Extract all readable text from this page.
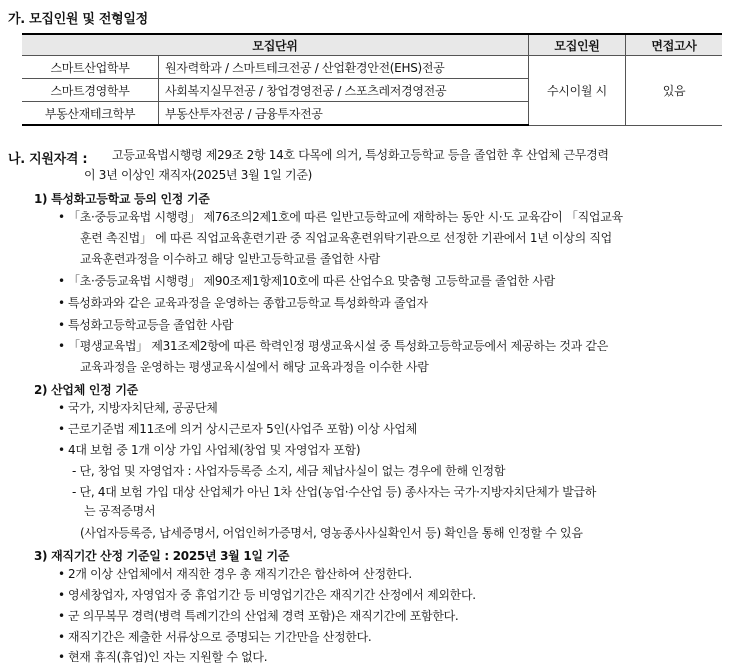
가. 모집인원 및 전형일정
모집단위		모집인원	면접고사
스마트산업학부	원자력학과 / 스마트테크전공 / 산업환경안전(EHS)전공	수시이월 시	있음
스마트경영학부	사회복지실무전공 / 창업경영전공 / 스포츠레저경영전공		
부동산재테크학부	부동산투자전공 / 금융투자전공		
나. 지원자격 : 고등교육법시행령 제29조 2항 14호 다목에 의거, 특성화고등학교 등을 졸업한 후 산업체 근무경력
이 3년 이상인 재직자(2025년 3월 1일 기준)
1) 특성화고등학교 등의 인정 기준
• 「초·중등교육법 시행령」 제76조의2제1호에 따른 일반고등학교에 재학하는 동안 시·도 교육감이 「직업교육
훈련 촉진법」 에 따른 직업교육훈련기관 중 직업교육훈련위탁기관으로 선정한 기관에서 1년 이상의 직업
교육훈련과정을 이수하고 해당 일반고등학교를 졸업한 사람
• 「초·중등교육법 시행령」 제90조제1항제10호에 따른 산업수요 맞춤형 고등학교를 졸업한 사람
• 특성화과와 같은 교육과정을 운영하는 종합고등학교 특성화학과 졸업자
• 특성화고등학교등을 졸업한 사람
• 「평생교육법」 제31조제2항에 따른 학력인정 평생교육시설 중 특성화고등학교등에서 제공하는 것과 같은
교육과정을 운영하는 평생교육시설에서 해당 교육과정을 이수한 사람
2) 산업체 인정 기준
• 국가, 지방자치단체, 공공단체
• 근로기준법 제11조에 의거 상시근로자 5인(사업주 포함) 이상 사업체
• 4대 보험 중 1개 이상 가입 사업체(창업 및 자영업자 포함)
- 단, 창업 및 자영업자 : 사업자등록증 소지, 세금 체납사실이 없는 경우에 한해 인정함
- 단, 4대 보험 가입 대상 산업체가 아닌 1차 산업(농업·수산업 등) 종사자는 국가·지방자치단체가 발급하
는 공적증명서
(사업자등록증, 납세증명서, 어업인허가증명서, 영농종사사실확인서 등) 확인을 통해 인정할 수 있음
3) 재직기간 산정 기준일 : 2025년 3월 1일 기준
• 2개 이상 산업체에서 재직한 경우 총 재직기간은 합산하여 산정한다.
• 영세창업자, 자영업자 중 휴업기간 등 비영업기간은 재직기간 산정에서 제외한다.
• 군 의무복무 경력(병력 특례기간의 산업체 경력 포함)은 재직기간에 포함한다.
• 재직기간은 제출한 서류상으로 증명되는 기간만을 산정한다.
• 현재 휴직(휴업)인 자는 지원할 수 없다.
